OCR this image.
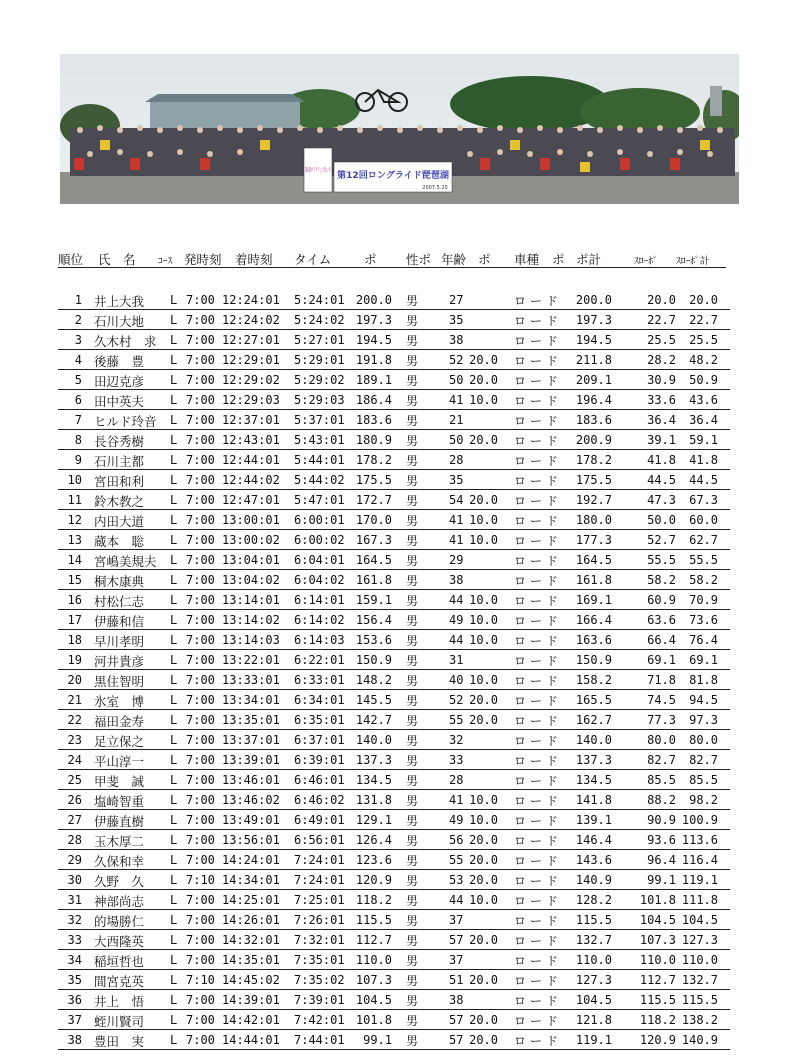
第12回ロングライド琵琶湖
2007.5.20
順位 氏　名 ｺｰｽ 発時刻 着時刻 タイム	ポ 性ポ 年齢 ポ 車種 ポ ポ計	ｽﾛｰﾎﾟ ｽﾛｰﾎﾟ計
1 井上大我 L 7:00 12:24:01 5:24:01 200.0 男	27	ロード	200.0	20.0	20.0
2 石川大地 L 7:00 12:24:02 5:24:02 197.3 男	35	ロード	197.3	22.7	22.7
3 久木村　求 L 7:00 12:27:01 5:27:01 194.5 男	38	ロード	194.5	25.5	25.5
4 後藤　豊 L 7:00 12:29:01 5:29:01 191.8 男	52 20.0 ロード	211.8	28.2	48.2
5 田辺克彦 L 7:00 12:29:02 5:29:02 189.1 男	50 20.0 ロード	209.1	30.9	50.9
6 田中英夫 L 7:00 12:29:03 5:29:03 186.4 男	41 10.0 ロード	196.4	33.6	43.6
7 ヒルド玲音 L 7:00 12:37:01 5:37:01 183.6 男	21	ロード	183.6	36.4	36.4
8 長谷秀樹 L 7:00 12:43:01 5:43:01 180.9 男	50 20.0 ロード	200.9	39.1	59.1
9 石川主都 L 7:00 12:44:01 5:44:01 178.2 男	28	ロード	178.2	41.8	41.8
10 宮田和利 L 7:00 12:44:02 5:44:02 175.5 男	35	ロード	175.5	44.5	44.5
11 鈴木教之 L 7:00 12:47:01 5:47:01 172.7 男	54 20.0 ロード	192.7	47.3	67.3
12 内田大道 L 7:00 13:00:01 6:00:01 170.0 男	41 10.0 ロード	180.0	50.0	60.0
13 蔵本　聡 L 7:00 13:00:02 6:00:02 167.3 男	41 10.0 ロード	177.3	52.7	62.7
14 宮嶋美規夫 L 7:00 13:04:01 6:04:01 164.5 男	29	ロード	164.5	55.5	55.5
15 桐木康典 L 7:00 13:04:02 6:04:02 161.8 男	38	ロード	161.8	58.2	58.2
16 村松仁志 L 7:00 13:14:01 6:14:01 159.1 男	44 10.0 ロード	169.1	60.9	70.9
17 伊藤和信 L 7:00 13:14:02 6:14:02 156.4 男	49 10.0 ロード	166.4	63.6	73.6
18 早川孝明 L 7:00 13:14:03 6:14:03 153.6 男	44 10.0 ロード	163.6	66.4	76.4
19 河井貴彦 L 7:00 13:22:01 6:22:01 150.9 男	31	ロード	150.9	69.1	69.1
20 黒住智明 L 7:00 13:33:01 6:33:01 148.2 男	40 10.0 ロード	158.2	71.8	81.8
21 氷室　博 L 7:00 13:34:01 6:34:01 145.5 男	52 20.0 ロード	165.5	74.5	94.5
22 福田金寿 L 7:00 13:35:01 6:35:01 142.7 男	55 20.0 ロード	162.7	77.3	97.3
23 足立保之 L 7:00 13:37:01 6:37:01 140.0 男	32	ロード	140.0	80.0	80.0
24 平山淳一 L 7:00 13:39:01 6:39:01 137.3 男	33	ロード	137.3	82.7	82.7
25 甲斐　誠 L 7:00 13:46:01 6:46:01 134.5 男	28	ロード	134.5	85.5	85.5
26 塩崎智重 L 7:00 13:46:02 6:46:02 131.8 男	41 10.0 ロード	141.8	88.2	98.2
27 伊藤直樹 L 7:00 13:49:01 6:49:01 129.1 男	49 10.0 ロード	139.1	90.9 100.9
28 玉木厚二 L 7:00 13:56:01 6:56:01 126.4 男	56 20.0 ロード	146.4	93.6 113.6
29 久保和幸 L 7:00 14:24:01 7:24:01 123.6 男	55 20.0 ロード	143.6	96.4 116.4
30 久野　久 L 7:10 14:34:01 7:24:01 120.9 男	53 20.0 ロード	140.9	99.1 119.1
31 神部尚志 L 7:00 14:25:01 7:25:01 118.2 男	44 10.0 ロード	128.2	101.8 111.8
32 的場勝仁 L 7:00 14:26:01 7:26:01 115.5 男	37	ロード	115.5	104.5 104.5
33 大西隆英 L 7:00 14:32:01 7:32:01 112.7 男	57 20.0 ロード	132.7	107.3 127.3
34 稲垣哲也 L 7:00 14:35:01 7:35:01 110.0 男	37	ロード	110.0	110.0 110.0
35 間宮克英 L 7:10 14:45:02 7:35:02 107.3 男	51 20.0 ロード	127.3	112.7 132.7
36 井上　悟 L 7:00 14:39:01 7:39:01 104.5 男	38	ロード	104.5	115.5 115.5
37 蛭川賢司 L 7:00 14:42:01 7:42:01 101.8 男	57 20.0 ロード	121.8	118.2 138.2
38 豊田　実 L 7:00 14:44:01 7:44:01	99.1 男	57 20.0 ロード	119.1	120.9 140.9
